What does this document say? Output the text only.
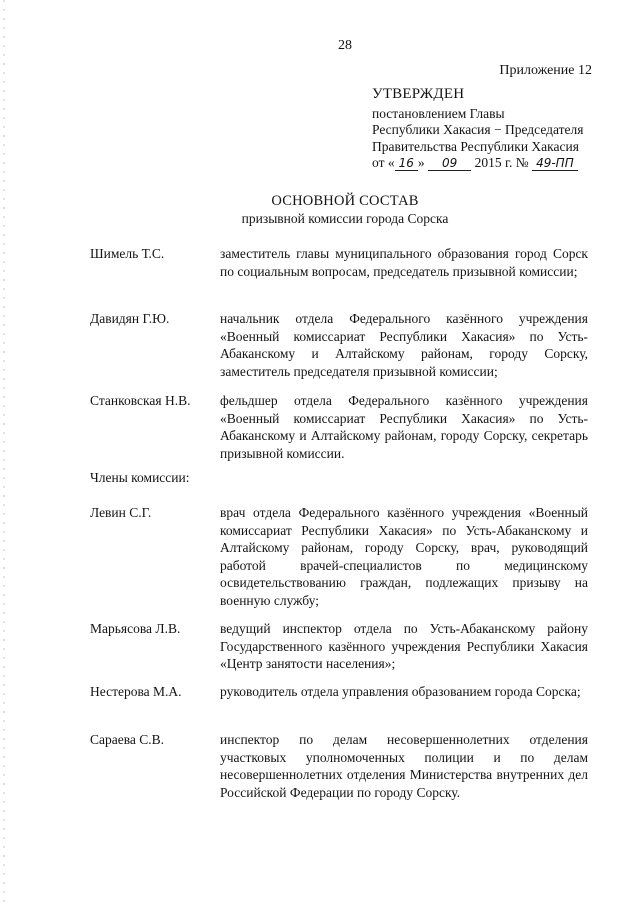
28
Приложение 12
УТВЕРЖДЕН
постановлением Главы
Республики Хакасия − Председателя
Правительства Республики Хакасия
от « 16 » 09 2015 г. № 49-ПП
ОСНОВНОЙ СОСТАВ
призывной комиссии города Сорска
Шимель Т.С.	заместитель главы муниципального образования город Сорск по социальным вопросам, председатель призывной комиссии;
Давидян Г.Ю.	начальник отдела Федерального казённого учреждения «Военный комиссариат Республики Хакасия» по Усть-Абаканскому и Алтайскому районам, городу Сорску, заместитель председателя призывной комиссии;
Станковская Н.В. фельдшер отдела Федерального казённого учреждения «Военный комиссариат Республики Хакасия» по Усть-Абаканскому и Алтайскому районам, городу Сорску, секретарь призывной комиссии.
Члены комиссии:
Левин С.Г.	врач отдела Федерального казённого учреждения «Военный комиссариат Республики Хакасия» по Усть-Абаканскому и Алтайскому районам, городу Сорску, врач, руководящий работой врачей-специалистов по медицинскому освидетельствованию граждан, подлежащих призыву на военную службу;
Марьясова Л.В.	ведущий инспектор отдела по Усть-Абаканскому району Государственного казённого учреждения Республики Хакасия «Центр занятости населения»;
Нестерова М.А.	руководитель отдела управления образованием города Сорска;
Сараева С.В.	инспектор по делам несовершеннолетних отделения участковых уполномоченных полиции и по делам несовершеннолетних отделения Министерства внутренних дел Российской Федерации по городу Сорску.
